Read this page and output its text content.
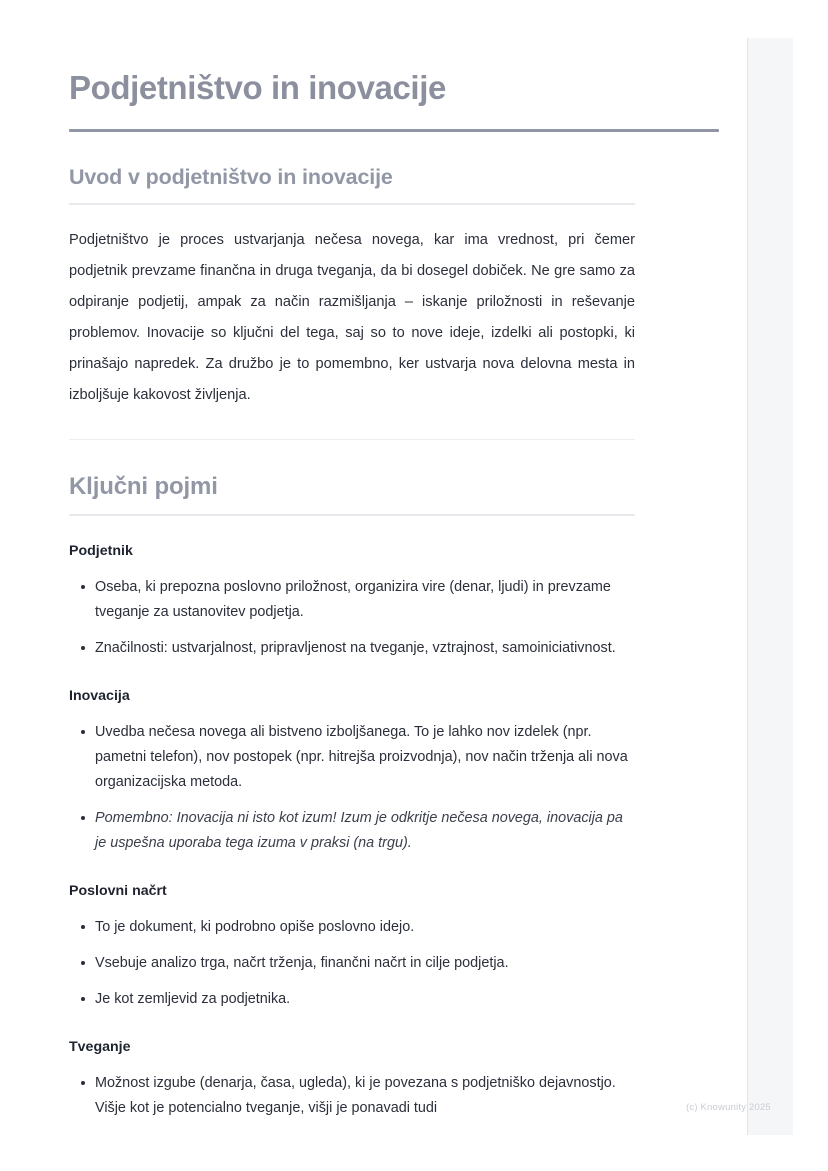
Podjetništvo in inovacije
Uvod v podjetništvo in inovacije

Podjetništvo je proces ustvarjanja nečesa novega, kar ima vrednost, pri čemer podjetnik prevzame finančna in druga tveganja, da bi dosegel dobiček. Ne gre samo za odpiranje podjetij, ampak za način razmišljanja – iskanje priložnosti in reševanje problemov. Inovacije so ključni del tega, saj so to nove ideje, izdelki ali postopki, ki prinašajo napredek. Za družbo je to pomembno, ker ustvarja nova delovna mesta in izboljšuje kakovost življenja.

Ključni pojmi
Podjetnik
Oseba, ki prepozna poslovno priložnost, organizira vire (denar, ljudi) in prevzame tveganje za ustanovitev podjetja.
Značilnosti: ustvarjalnost, pripravljenost na tveganje, vztrajnost, samoiniciativnost.
Inovacija
Uvedba nečesa novega ali bistveno izboljšanega. To je lahko nov izdelek (npr. pametni telefon), nov postopek (npr. hitrejša proizvodnja), nov način trženja ali nova organizacijska metoda.
Pomembno: Inovacija ni isto kot izum! Izum je odkritje nečesa novega, inovacija pa je uspešna uporaba tega izuma v praksi (na trgu).
Poslovni načrt
To je dokument, ki podrobno opiše poslovno idejo.
Vsebuje analizo trga, načrt trženja, finančni načrt in cilje podjetja.
Je kot zemljevid za podjetnika.
Tveganje
Možnost izgube (denarja, časa, ugleda), ki je povezana s podjetniško dejavnostjo. Višje kot je potencialno tveganje, višji je ponavadi tudi	(c) Knowunity 2025
